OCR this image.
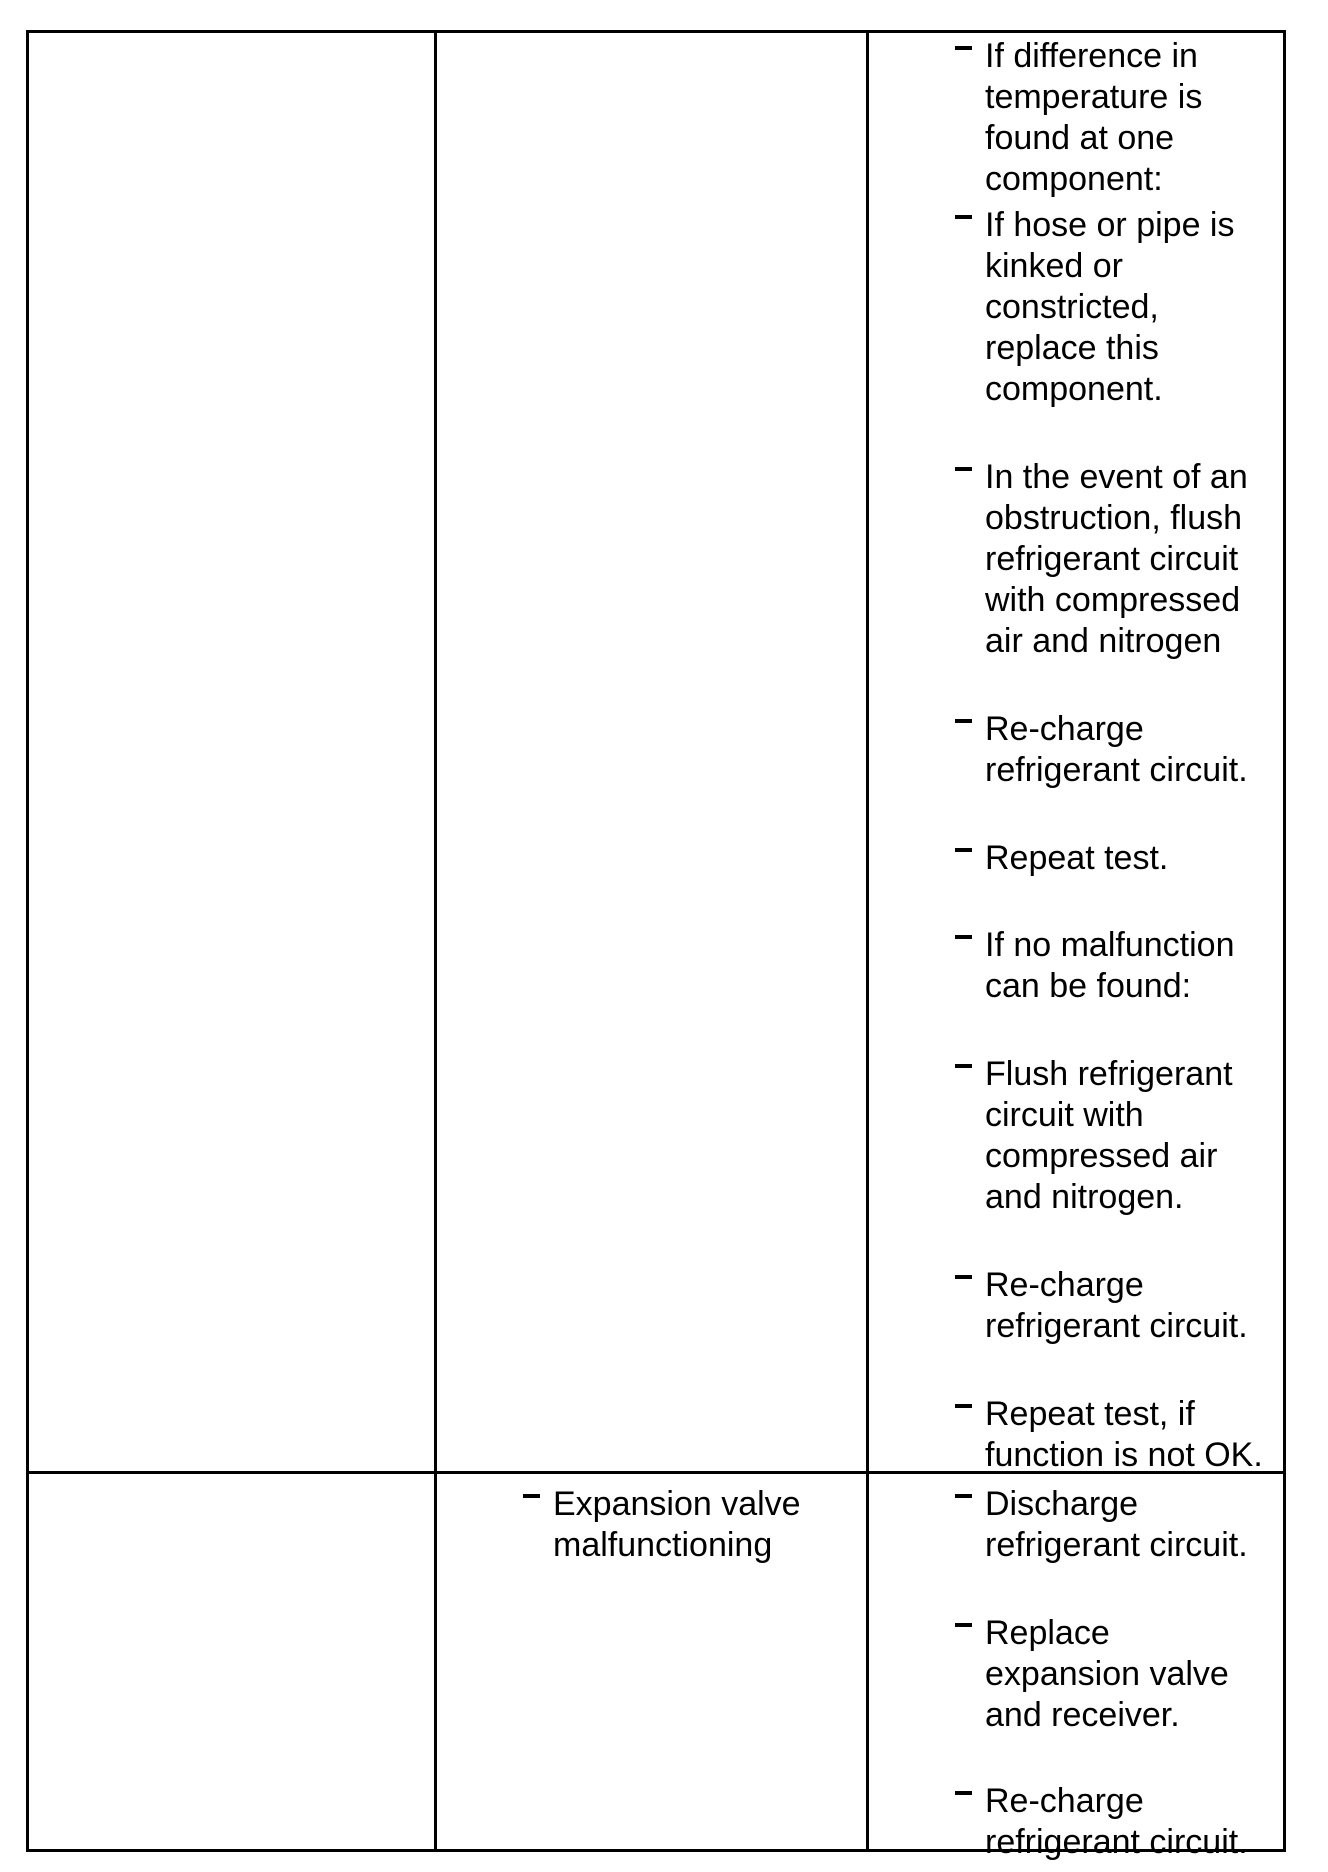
If difference in
temperature is
found at one
component:
If hose or pipe is
kinked or
constricted,
replace this
component.
In the event of an
obstruction, flush
refrigerant circuit
with compressed
air and nitrogen
Re-charge
refrigerant circuit.
Repeat test.
If no malfunction
can be found:
Flush refrigerant
circuit with
compressed air
and nitrogen.
Re-charge
refrigerant circuit.
Repeat test, if
function is not OK.
Expansion valve
malfunctioning
Discharge
refrigerant circuit.
Replace
expansion valve
and receiver.
Re-charge
refrigerant circuit.
